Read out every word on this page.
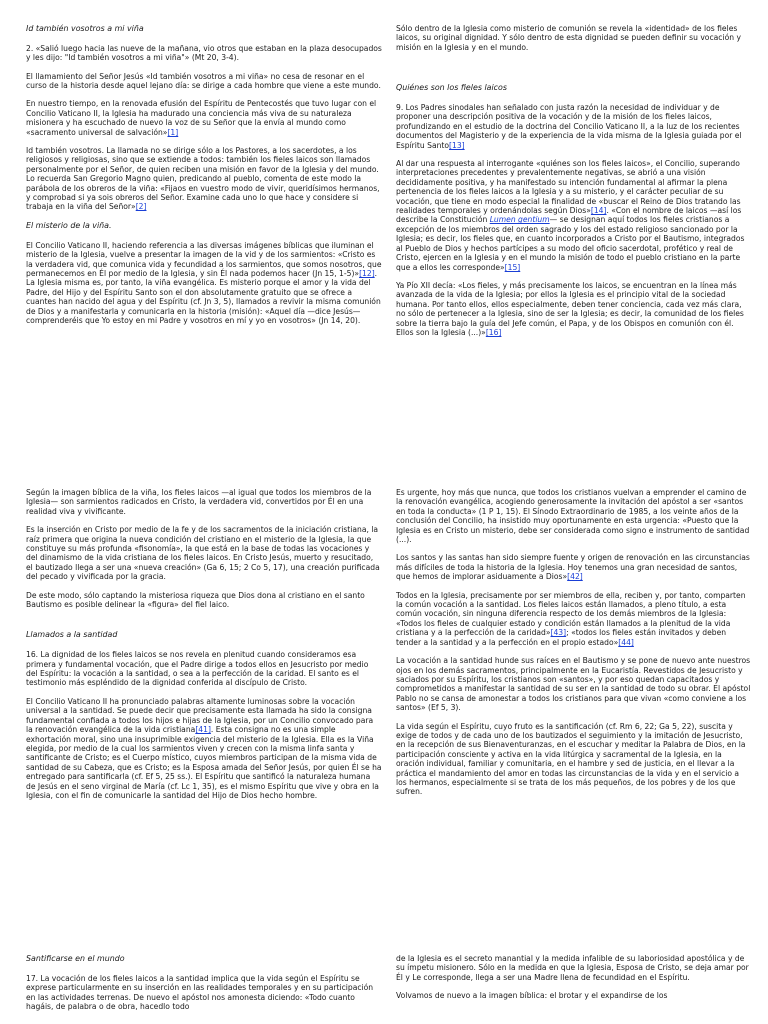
Id también vosotros a mi viña

2. «Salió luego hacia las nueve de la mañana, vio otros que estaban en la plaza desocupados y les dijo: "Id también vosotros a mi viña"» (Mt 20, 3-4).

El llamamiento del Señor Jesús «Id también vosotros a mi viña» no cesa de resonar en el curso de la historia desde aquel lejano día: se dirige a cada hombre que viene a este mundo.

En nuestro tiempo, en la renovada efusión del Espíritu de Pentecostés que tuvo lugar con el Concilio Vaticano II, la Iglesia ha madurado una conciencia más viva de su naturaleza misionera y ha escuchado de nuevo la voz de su Señor que la envía al mundo como «sacramento universal de salvación»[1]

Id también vosotros. La llamada no se dirige sólo a los Pastores, a los sacerdotes, a los religiosos y religiosas, sino que se extiende a todos: también los fieles laicos son llamados personalmente por el Señor, de quien reciben una misión en favor de la Iglesia y del mundo. Lo recuerda San Gregorio Magno quien, predicando al pueblo, comenta de este modo la parábola de los obreros de la viña: «Fijaos en vuestro modo de vivir, queridísimos hermanos, y comprobad si ya sois obreros del Señor. Examine cada uno lo que hace y considere si trabaja en la viña del Señor»[2]

El misterio de la viña.

El Concilio Vaticano II, haciendo referencia a las diversas imágenes bíblicas que iluminan el misterio de la Iglesia, vuelve a presentar la imagen de la vid y de los sarmientos: «Cristo es la verdadera vid, que comunica vida y fecundidad a los sarmientos, que somos nosotros, que permanecemos en Él por medio de la Iglesia, y sin Él nada podemos hacer (Jn 15, 1-5)»[12]. La Iglesia misma es, por tanto, la viña evangélica. Es misterio porque el amor y la vida del Padre, del Hijo y del Espíritu Santo son el don absolutamente gratuito que se ofrece a cuantes han nacido del agua y del Espíritu (cf. Jn 3, 5), llamados a revivir la misma comunión de Dios y a manifestarla y comunicarla en la historia (misión): «Aquel día —dice Jesús— comprenderéis que Yo estoy en mi Padre y vosotros en mí y yo en vosotros» (Jn 14, 20).

Sólo dentro de la Iglesia como misterio de comunión se revela la «identidad» de los fieles laicos, su original dignidad. Y sólo dentro de esta dignidad se pueden definir su vocación y misión en la Iglesia y en el mundo.

Quiénes son los fieles laicos

9. Los Padres sinodales han señalado con justa razón la necesidad de individuar y de proponer una descripción positiva de la vocación y de la misión de los fieles laicos, profundizando en el estudio de la doctrina del Concilio Vaticano II, a la luz de los recientes documentos del Magisterio y de la experiencia de la vida misma de la Iglesia guiada por el Espíritu Santo[13]

Al dar una respuesta al interrogante «quiénes son los fieles laicos», el Concilio, superando interpretaciones precedentes y prevalentemente negativas, se abrió a una visión decididamente positiva, y ha manifestado su intención fundamental al afirmar la plena pertenencia de los fieles laicos a la Iglesia y a su misterio, y el carácter peculiar de su vocación, que tiene en modo especial la finalidad de «buscar el Reino de Dios tratando las realidades temporales y ordenándolas según Dios»[14]. «Con el nombre de laicos —así los describe la Constitución Lumen gentium— se designan aquí todos los fieles cristianos a excepción de los miembros del orden sagrado y los del estado religioso sancionado por la Iglesia; es decir, los fieles que, en cuanto incorporados a Cristo por el Bautismo, integrados al Pueblo de Dios y hechos partícipes a su modo del oficio sacerdotal, profético y real de Cristo, ejercen en la Iglesia y en el mundo la misión de todo el pueblo cristiano en la parte que a ellos les corresponde»[15]

Ya Pío XII decía: «Los fieles, y más precisamente los laicos, se encuentran en la línea más avanzada de la vida de la Iglesia; por ellos la Iglesia es el principio vital de la sociedad humana. Por tanto ellos, ellos especialmente, deben tener conciencia, cada vez más clara, no sólo de pertenecer a la Iglesia, sino de ser la Iglesia; es decir, la comunidad de los fieles sobre la tierra bajo la guía del Jefe común, el Papa, y de los Obispos en comunión con él. Ellos son la Iglesia (...)»[16]

Según la imagen bíblica de la viña, los fieles laicos —al igual que todos los miembros de la Iglesia— son sarmientos radicados en Cristo, la verdadera vid, convertidos por Él en una realidad viva y vivificante.

Es la inserción en Cristo por medio de la fe y de los sacramentos de la iniciación cristiana, la raíz primera que origina la nueva condición del cristiano en el misterio de la Iglesia, la que constituye su más profunda «fisonomía», la que está en la base de todas las vocaciones y del dinamismo de la vida cristiana de los fieles laicos. En Cristo Jesús, muerto y resucitado, el bautizado llega a ser una «nueva creación» (Ga 6, 15; 2 Co 5, 17), una creación purificada del pecado y vivificada por la gracia.

De este modo, sólo captando la misteriosa riqueza que Dios dona al cristiano en el santo Bautismo es posible delinear la «figura» del fiel laico.

Llamados a la santidad

16. La dignidad de los fieles laicos se nos revela en plenitud cuando consideramos esa primera y fundamental vocación, que el Padre dirige a todos ellos en Jesucristo por medio del Espíritu: la vocación a la santidad, o sea a la perfección de la caridad. El santo es el testimonio más espléndido de la dignidad conferida al discípulo de Cristo.

El Concilio Vaticano II ha pronunciado palabras altamente luminosas sobre la vocación universal a la santidad. Se puede decir que precisamente esta llamada ha sido la consigna fundamental confiada a todos los hijos e hijas de la Iglesia, por un Concilio convocado para la renovación evangélica de la vida cristiana[41]. Esta consigna no es una simple exhortación moral, sino una insuprimible exigencia del misterio de la Iglesia. Ella es la Viña elegida, por medio de la cual los sarmientos viven y crecen con la misma linfa santa y santificante de Cristo; es el Cuerpo místico, cuyos miembros participan de la misma vida de santidad de su Cabeza, que es Cristo; es la Esposa amada del Señor Jesús, por quien Él se ha entregado para santificarla (cf. Ef 5, 25 ss.). El Espíritu que santificó la naturaleza humana de Jesús en el seno virginal de María (cf. Lc 1, 35), es el mismo Espíritu que vive y obra en la Iglesia, con el fin de comunicarle la santidad del Hijo de Dios hecho hombre.

Es urgente, hoy más que nunca, que todos los cristianos vuelvan a emprender el camino de la renovación evangélica, acogiendo generosamente la invitación del apóstol a ser «santos en toda la conducta» (1 P 1, 15). El Sínodo Extraordinario de 1985, a los veinte años de la conclusión del Concilio, ha insistido muy oportunamente en esta urgencia: «Puesto que la Iglesia es en Cristo un misterio, debe ser considerada como signo e instrumento de santidad (...).

Los santos y las santas han sido siempre fuente y origen de renovación en las circunstancias más difíciles de toda la historia de la Iglesia. Hoy tenemos una gran necesidad de santos, que hemos de implorar asiduamente a Dios»[42]

Todos en la Iglesia, precisamente por ser miembros de ella, reciben y, por tanto, comparten la común vocación a la santidad. Los fieles laicos están llamados, a pleno título, a esta común vocación, sin ninguna diferencia respecto de los demás miembros de la Iglesia: «Todos los fieles de cualquier estado y condición están llamados a la plenitud de la vida cristiana y a la perfección de la caridad»[43]; «todos los fieles están invitados y deben tender a la santidad y a la perfección en el propio estado»[44]

La vocación a la santidad hunde sus raíces en el Bautismo y se pone de nuevo ante nuestros ojos en los demás sacramentos, principalmente en la Eucaristía. Revestidos de Jesucristo y saciados por su Espíritu, los cristianos son «santos», y por eso quedan capacitados y comprometidos a manifestar la santidad de su ser en la santidad de todo su obrar. El apóstol Pablo no se cansa de amonestar a todos los cristianos para que vivan «como conviene a los santos» (Ef 5, 3).

La vida según el Espíritu, cuyo fruto es la santificación (cf. Rm 6, 22; Ga 5, 22), suscita y exige de todos y de cada uno de los bautizados el seguimiento y la imitación de Jesucristo, en la recepción de sus Bienaventuranzas, en el escuchar y meditar la Palabra de Dios, en la participación consciente y activa en la vida litúrgica y sacramental de la Iglesia, en la oración individual, familiar y comunitaria, en el hambre y sed de justicia, en el llevar a la práctica el mandamiento del amor en todas las circunstancias de la vida y en el servicio a los hermanos, especialmente si se trata de los más pequeños, de los pobres y de los que sufren.

Santificarse en el mundo

17. La vocación de los fieles laicos a la santidad implica que la vida según el Espíritu se exprese particularmente en su inserción en las realidades temporales y en su participación en las actividades terrenas. De nuevo el apóstol nos amonesta diciendo: «Todo cuanto hagáis, de palabra o de obra, hacedlo todo

de la Iglesia es el secreto manantial y la medida infalible de su laboriosidad apostólica y de su ímpetu misionero. Sólo en la medida en que la Iglesia, Esposa de Cristo, se deja amar por Él y Le corresponde, llega a ser una Madre llena de fecundidad en el Espíritu.

Volvamos de nuevo a la imagen bíblica: el brotar y el expandirse de los
